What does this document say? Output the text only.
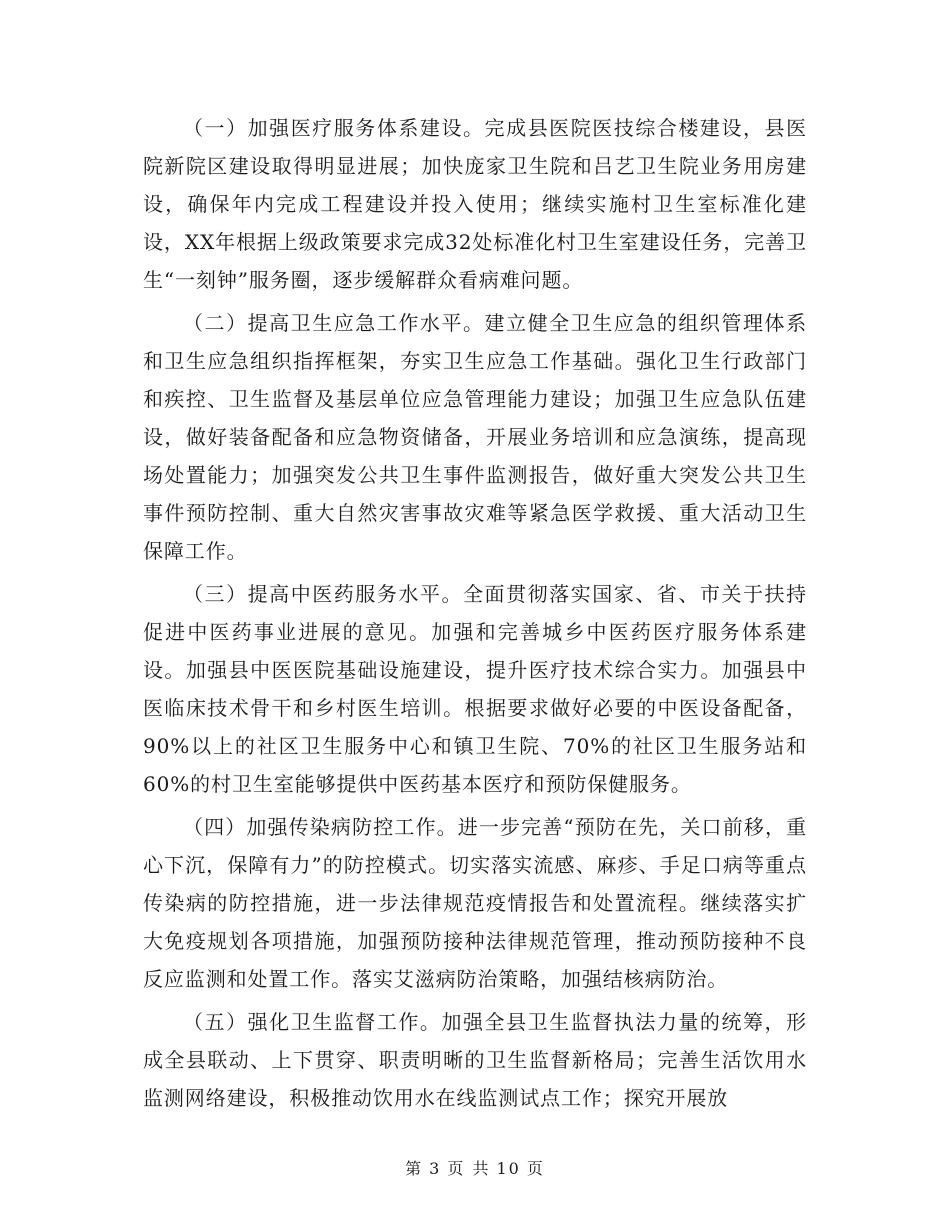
（一）加强医疗服务体系建设。完成县医院医技综合楼建设，县医院新院区建设取得明显进展；加快庞家卫生院和吕艺卫生院业务用房建设，确保年内完成工程建设并投入使用；继续实施村卫生室标准化建设，XX年根据上级政策要求完成32处标准化村卫生室建设任务，完善卫生“一刻钟”服务圈，逐步缓解群众看病难问题。

（二）提高卫生应急工作水平。建立健全卫生应急的组织管理体系和卫生应急组织指挥框架，夯实卫生应急工作基础。强化卫生行政部门和疾控、卫生监督及基层单位应急管理能力建设；加强卫生应急队伍建设，做好装备配备和应急物资储备，开展业务培训和应急演练，提高现场处置能力；加强突发公共卫生事件监测报告，做好重大突发公共卫生事件预防控制、重大自然灾害事故灾难等紧急医学救援、重大活动卫生保障工作。

（三）提高中医药服务水平。全面贯彻落实国家、省、市关于扶持促进中医药事业进展的意见。加强和完善城乡中医药医疗服务体系建设。加强县中医医院基础设施建设，提升医疗技术综合实力。加强县中医临床技术骨干和乡村医生培训。根据要求做好必要的中医设备配备，90%以上的社区卫生服务中心和镇卫生院、70%的社区卫生服务站和60%的村卫生室能够提供中医药基本医疗和预防保健服务。

（四）加强传染病防控工作。进一步完善“预防在先，关口前移，重心下沉，保障有力”的防控模式。切实落实流感、麻疹、手足口病等重点传染病的防控措施，进一步法律规范疫情报告和处置流程。继续落实扩大免疫规划各项措施，加强预防接种法律规范管理，推动预防接种不良反应监测和处置工作。落实艾滋病防治策略，加强结核病防治。

（五）强化卫生监督工作。加强全县卫生监督执法力量的统筹，形成全县联动、上下贯穿、职责明晰的卫生监督新格局；完善生活饮用水监测网络建设，积极推动饮用水在线监测试点工作；探究开展放

第 3 页 共 10 页
